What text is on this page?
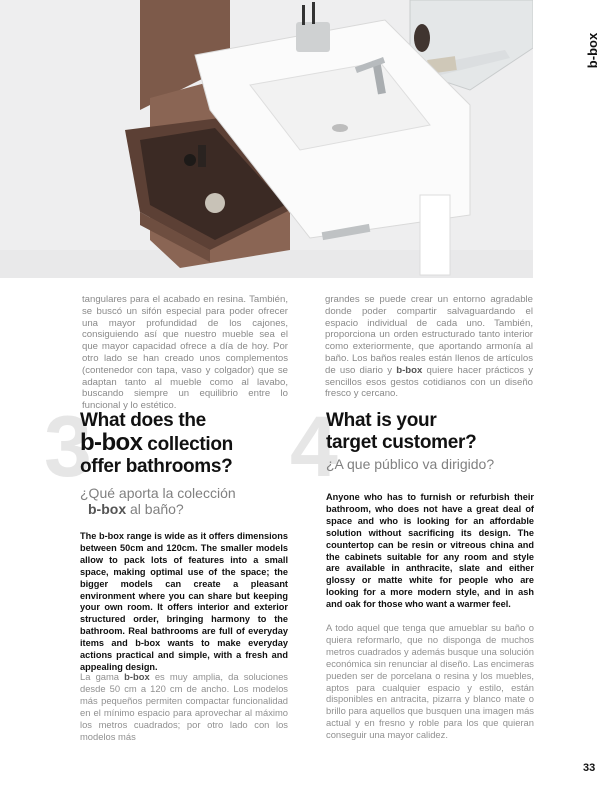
b-box
tangulares para el acabado en resina. También, se buscó un sifón especial para poder ofrecer una mayor profundidad de los cajones, consiguiendo así que nuestro mueble sea el que mayor capacidad ofrece a día de hoy. Por otro lado se han creado unos complementos (contenedor con tapa, vaso y colgador) que se adaptan tanto al mueble como al lavabo, buscando siempre un equilibrio entre lo funcional y lo estético.
grandes se puede crear un entorno agradable donde poder compartir salvaguardando el espacio individual de cada uno. También, proporciona un orden estructurado tanto interior como exteriormente, que aportando armonía al baño. Los baños reales están llenos de artículos de uso diario y b-box quiere hacer prácticos y sencillos esos gestos cotidianos con un diseño fresco y cercano.
3
What does the
b-box collection
offer bathrooms?
¿Qué aporta la colección
b-box al baño?
The b-box range is wide as it offers dimensions between 50cm and 120cm. The smaller models allow to pack lots of features into a small space, making optimal use of the space; the bigger models can create a pleasant environment where you can share but keeping your own room. It offers interior and exterior structured order, bringing harmony to the bathroom. Real bathrooms are full of everyday items and b-box wants to make everyday actions practical and simple, with a fresh and appealing design.
La gama b-box es muy amplia, da soluciones desde 50 cm a 120 cm de ancho. Los modelos más pequeños permiten compactar funcionalidad en el mínimo espacio para aprovechar al máximo los metros cuadrados; por otro lado con los modelos más
4
What is your
target customer?
¿A que público va dirigido?
Anyone who has to furnish or refurbish their bathroom, who does not have a great deal of space and who is looking for an affordable solution without sacrificing its design. The countertop can be resin or vitreous china and the cabinets suitable for any room and style are available in anthracite, slate and either glossy or matte white for people who are looking for a more modern style, and in ash and oak for those who want a warmer feel.
A todo aquel que tenga que amueblar su baño o quiera reformarlo, que no disponga de muchos metros cuadrados y además busque una solución económica sin renunciar al diseño. Las encimeras pueden ser de porcelana o resina y los muebles, aptos para cualquier espacio y estilo, están disponibles en antracita, pizarra y blanco mate o brillo para aquellos que busquen una imagen más actual y en fresno y roble para los que quieran conseguir una mayor calidez.
33
